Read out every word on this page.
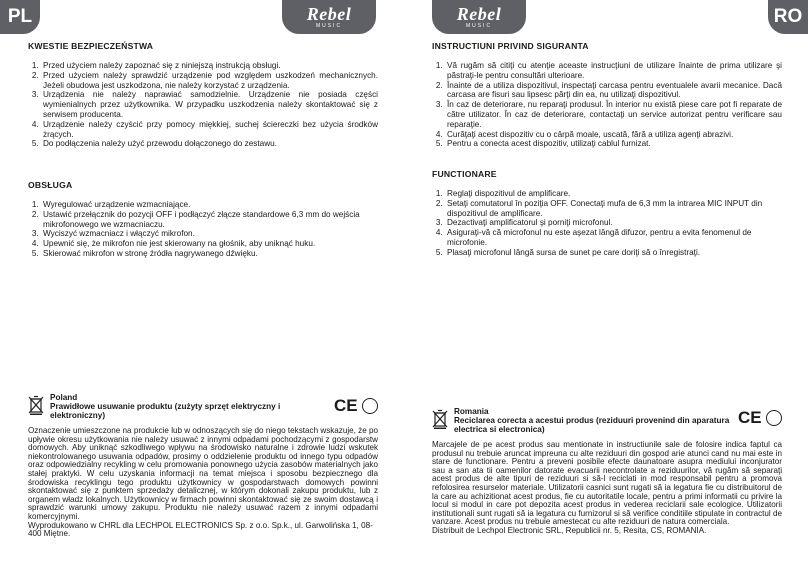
PL	Rebel
MUSIC
KWESTIE BEZPIECZEŃSTWA
1. Przed użyciem należy zapoznać się z niniejszą instrukcją obsługi.
2. Przed użyciem należy sprawdzić urządzenie pod względem uszkodzeń mechanicznych. Jeżeli obudowa jest uszkodzona, nie należy korzystać z urządzenia.
3. Urządzenia nie należy naprawiać samodzielnie. Urządzenie nie posiada części wymienialnych przez użytkownika. W przypadku uszkodzenia należy skontaktować się z serwisem producenta.
4. Urządzenie należy czyścić przy pomocy miękkiej, suchej ściereczki bez użycia środków żrących.
5. Do podłączenia należy użyć przewodu dołączonego do zestawu.
OBSŁUGA
1. Wyregulować urządzenie wzmacniające.
2. Ustawić przełącznik do pozycji OFF i podłączyć złącze standardowe 6,3 mm do wejścia mikrofonowego we wzmacniaczu.
3. Wyciszyć wzmacniacz i włączyć mikrofon.
4. Upewnić się, że mikrofon nie jest skierowany na głośnik, aby uniknąć huku.
5. Skierować mikrofon w stronę źródła nagrywanego dźwięku.
Poland
Prawidłowe usuwanie produktu (zużyty sprzęt elektryczny i elektroniczny)
CE

Oznaczenie umieszczone na produkcie lub w odnoszących się do niego tekstach wskazuje, że po upływie okresu użytkowania nie należy usuwać z innymi odpadami pochodzącymi z gospodarstw domowych. Aby uniknąć szkodliwego wpływu na środowisko naturalne i zdrowie ludzi wskutek niekontrolowanego usuwania odpadów, prosimy o oddzielenie produktu od innego typu odpadów oraz odpowiedzialny recykling w celu promowania ponownego użycia zasobów materialnych jako stałej praktyki. W celu uzyskania informacji na temat miejsca i sposobu bezpiecznego dla środowiska recyklingu tego produktu użytkownicy w gospodarstwach domowych powinni skontaktować się z punktem sprzedaży detalicznej, w którym dokonali zakupu produktu, lub z organem władz lokalnych. Użytkownicy w firmach powinni skontaktować się ze swoim dostawcą i sprawdzić warunki umowy zakupu. Produktu nie należy usuwać razem z innymi odpadami komercyjnymi.

Wyprodukowano w CHRL dla LECHPOL ELECTRONICS Sp. z o.o. Sp.k., ul. Garwolińska 1, 08-400 Miętne.

RO
Rebel
MUSIC
INSTRUCTIUNI PRIVIND SIGURANTA
1. Vă rugăm să citiţi cu atenţie aceaste instrucţiuni de utilizare înainte de prima utilizare şi păstraţi-le pentru consultări ulterioare.
2. Înainte de a utiliza dispozitivul, inspectaţi carcasa pentru eventualele avarii mecanice. Dacă carcasa are fisuri sau lipsesc părţi din ea, nu utilizaţi dispozitivul.
3. În caz de deteriorare, nu reparaţi produsul. În interior nu există piese care pot fi reparate de către utilizator. În caz de deteriorare, contactaţi un service autorizat pentru verificare sau reparaţie.
4. Curăţaţi acest dispozitiv cu o cârpă moale, uscată, fără a utiliza agenţi abrazivi.
5. Pentru a conecta acest dispozitiv, utilizaţi cablul furnizat.
FUNCTIONARE
1. Reglaţi dispozitivul de amplificare.
2. Setaţi comutatorul în poziţia OFF. Conectaţi mufa de 6,3 mm la intrarea MIC INPUT din dispozitivul de amplificare.
3. Dezactivaţi amplificatorul şi porniţi microfonul.
4. Asiguraţi-vă că microfonul nu este aşezat lângă difuzor, pentru a evita fenomenul de microfonie.
5. Plasaţi microfonul lângă sursa de sunet pe care doriţi să o înregistraţi.
Romania
Reciclarea corecta a acestui produs (reziduuri provenind din aparatura electrica si electronica)
CE

Marcajele de pe acest produs sau mentionate in instructiunile sale de folosire indica faptul ca produsul nu trebuie aruncat impreuna cu alte reziduuri din gospod arie atunci cand nu mai este in stare de functionare. Pentru a preveni posibile efecte daunatoare asupra mediului inconjurator sau a san ata tii oamenilor datorate evacuarii necontrolate a reziduurilor, vă rugăm să separaţi acest produs de alte tipuri de reziduuri si să-l reciclati in mod responsabil pentru a promova refolosirea resurselor materiale. Utilizatorii casnici sunt rugati să ia legatura fie cu distribuitorul de la care au achizitionat acest produs, fie cu autoritatile locale, pentru a primi informatii cu privire la locul si modul in care pot depozita acest produs in vederea reciclarii sale ecologice. Utilizatorii institutionali sunt rugati să ia legatura cu furnizorul si să verifice conditiile stipulate in contractul de vanzare. Acest produs nu trebuie amestecat cu alte reziduuri de natura comerciala.

Distribuit de Lechpol Electronic SRL, Republicii nr. 5, Resita, CS, ROMANIA.
